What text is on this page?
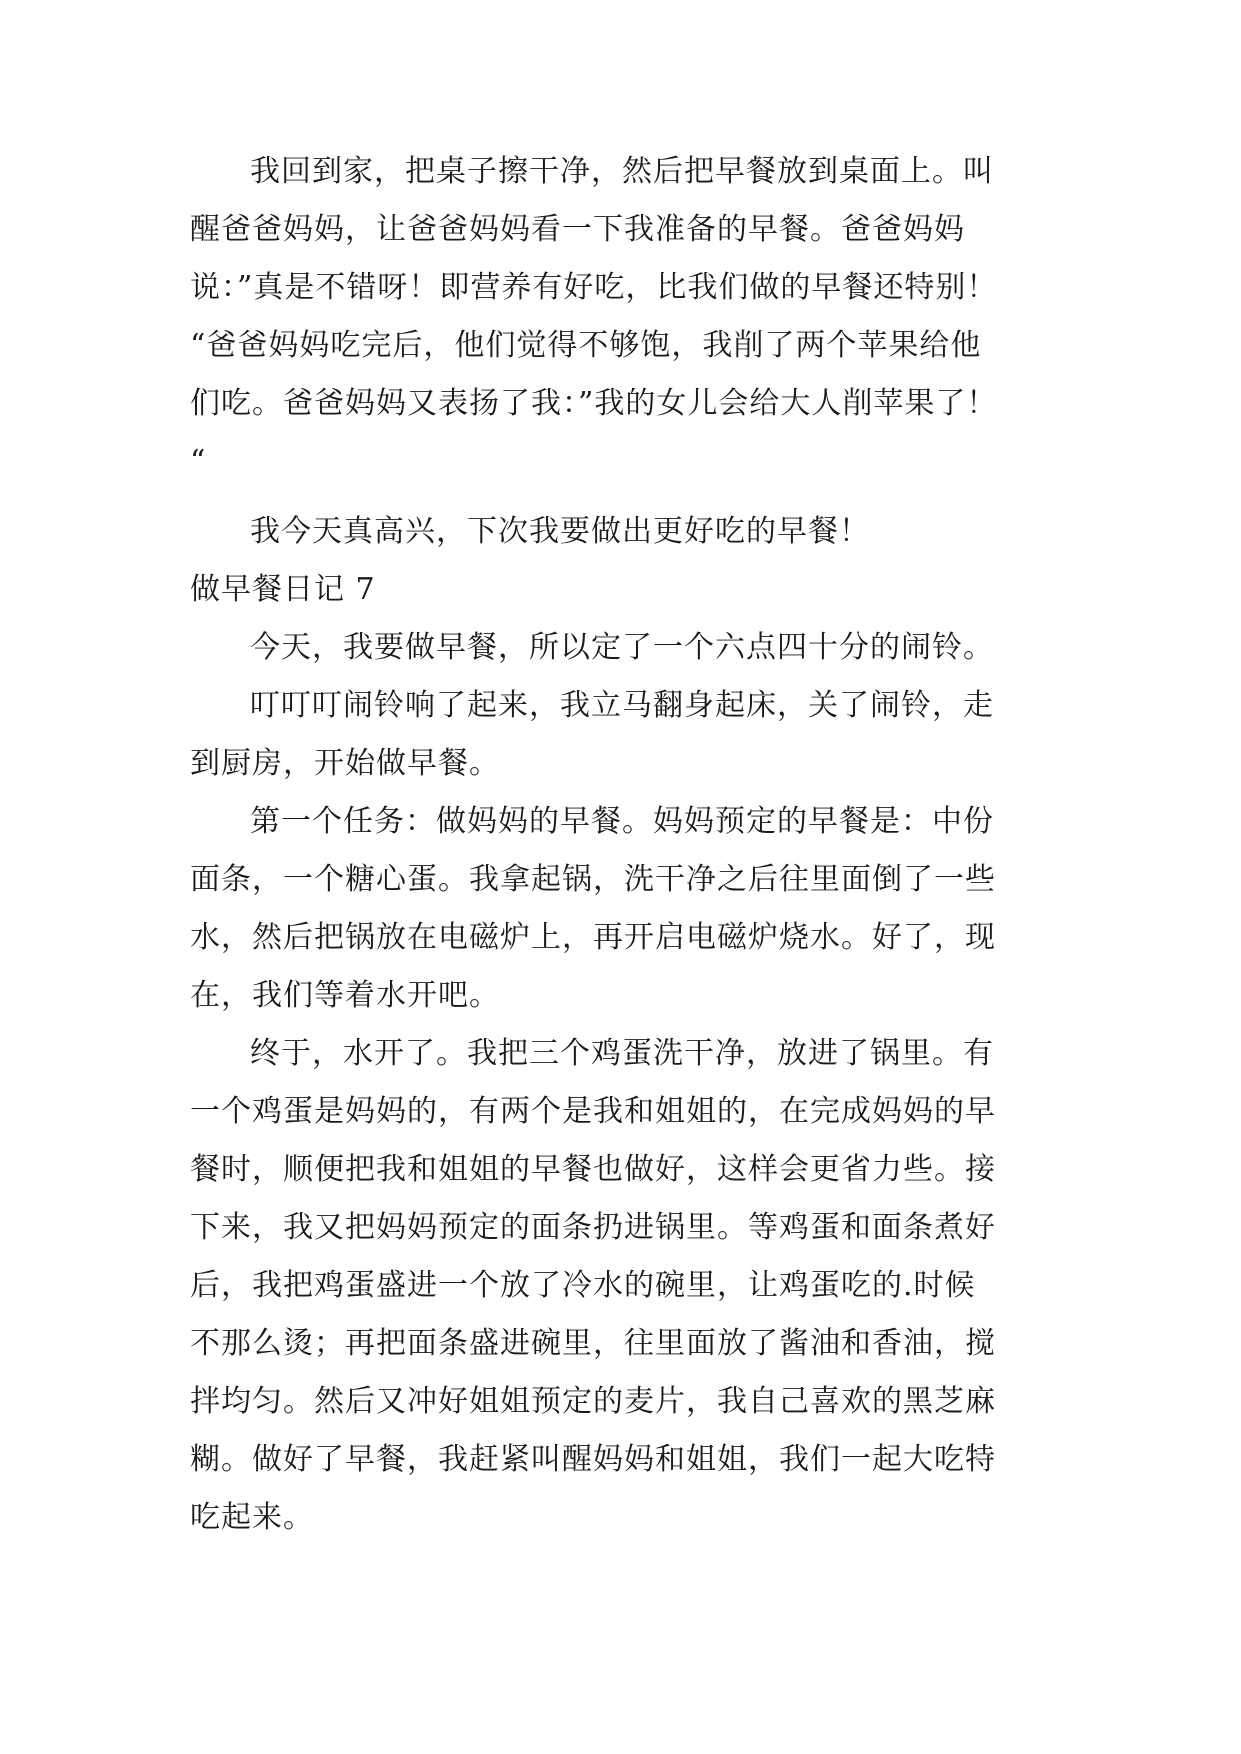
我回到家，把桌子擦干净，然后把早餐放到桌面上。叫
醒爸爸妈妈，让爸爸妈妈看一下我准备的早餐。爸爸妈妈
说：”真是不错呀！即营养有好吃，比我们做的早餐还特别！
“爸爸妈妈吃完后，他们觉得不够饱，我削了两个苹果给他
们吃。爸爸妈妈又表扬了我：”我的女儿会给大人削苹果了！
“
我今天真高兴，下次我要做出更好吃的早餐！
做早餐日记 7
今天，我要做早餐，所以定了一个六点四十分的闹铃。
叮叮叮闹铃响了起来，我立马翻身起床，关了闹铃，走
到厨房，开始做早餐。
第一个任务：做妈妈的早餐。妈妈预定的早餐是：中份
面条，一个糖心蛋。我拿起锅，洗干净之后往里面倒了一些
水，然后把锅放在电磁炉上，再开启电磁炉烧水。好了，现
在，我们等着水开吧。
终于，水开了。我把三个鸡蛋洗干净，放进了锅里。有
一个鸡蛋是妈妈的，有两个是我和姐姐的，在完成妈妈的早
餐时，顺便把我和姐姐的早餐也做好，这样会更省力些。接
下来，我又把妈妈预定的面条扔进锅里。等鸡蛋和面条煮好
后，我把鸡蛋盛进一个放了冷水的碗里，让鸡蛋吃的.时候
不那么烫；再把面条盛进碗里，往里面放了酱油和香油，搅
拌均匀。然后又冲好姐姐预定的麦片，我自己喜欢的黑芝麻
糊。做好了早餐，我赶紧叫醒妈妈和姐姐，我们一起大吃特
吃起来。
